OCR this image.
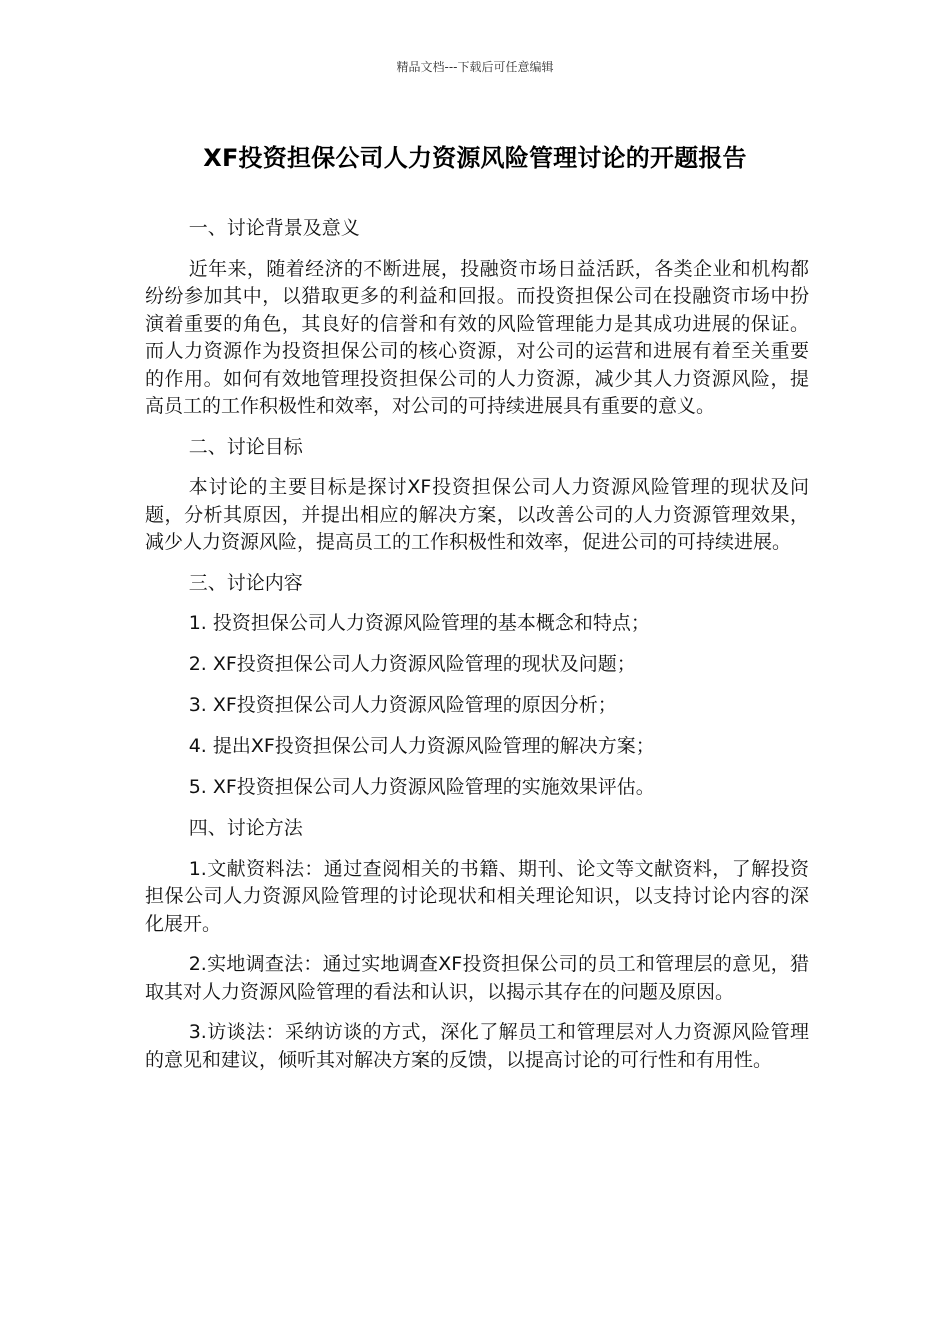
精品文档---下载后可任意编辑
XF投资担保公司人力资源风险管理讨论的开题报告
一、讨论背景及意义
近年来，随着经济的不断进展，投融资市场日益活跃，各类企业和机构都纷纷参加其中，以猎取更多的利益和回报。而投资担保公司在投融资市场中扮演着重要的角色，其良好的信誉和有效的风险管理能力是其成功进展的保证。而人力资源作为投资担保公司的核心资源，对公司的运营和进展有着至关重要的作用。如何有效地管理投资担保公司的人力资源，减少其人力资源风险，提高员工的工作积极性和效率，对公司的可持续进展具有重要的意义。
二、讨论目标
本讨论的主要目标是探讨XF投资担保公司人力资源风险管理的现状及问题，分析其原因，并提出相应的解决方案，以改善公司的人力资源管理效果，减少人力资源风险，提高员工的工作积极性和效率，促进公司的可持续进展。
三、讨论内容
1. 投资担保公司人力资源风险管理的基本概念和特点；
2. XF投资担保公司人力资源风险管理的现状及问题；
3. XF投资担保公司人力资源风险管理的原因分析；
4. 提出XF投资担保公司人力资源风险管理的解决方案；
5. XF投资担保公司人力资源风险管理的实施效果评估。
四、讨论方法
1.文献资料法：通过查阅相关的书籍、期刊、论文等文献资料，了解投资担保公司人力资源风险管理的讨论现状和相关理论知识，以支持讨论内容的深化展开。
2.实地调查法：通过实地调查XF投资担保公司的员工和管理层的意见，猎取其对人力资源风险管理的看法和认识，以揭示其存在的问题及原因。
3.访谈法：采纳访谈的方式，深化了解员工和管理层对人力资源风险管理的意见和建议，倾听其对解决方案的反馈，以提高讨论的可行性和有用性。
